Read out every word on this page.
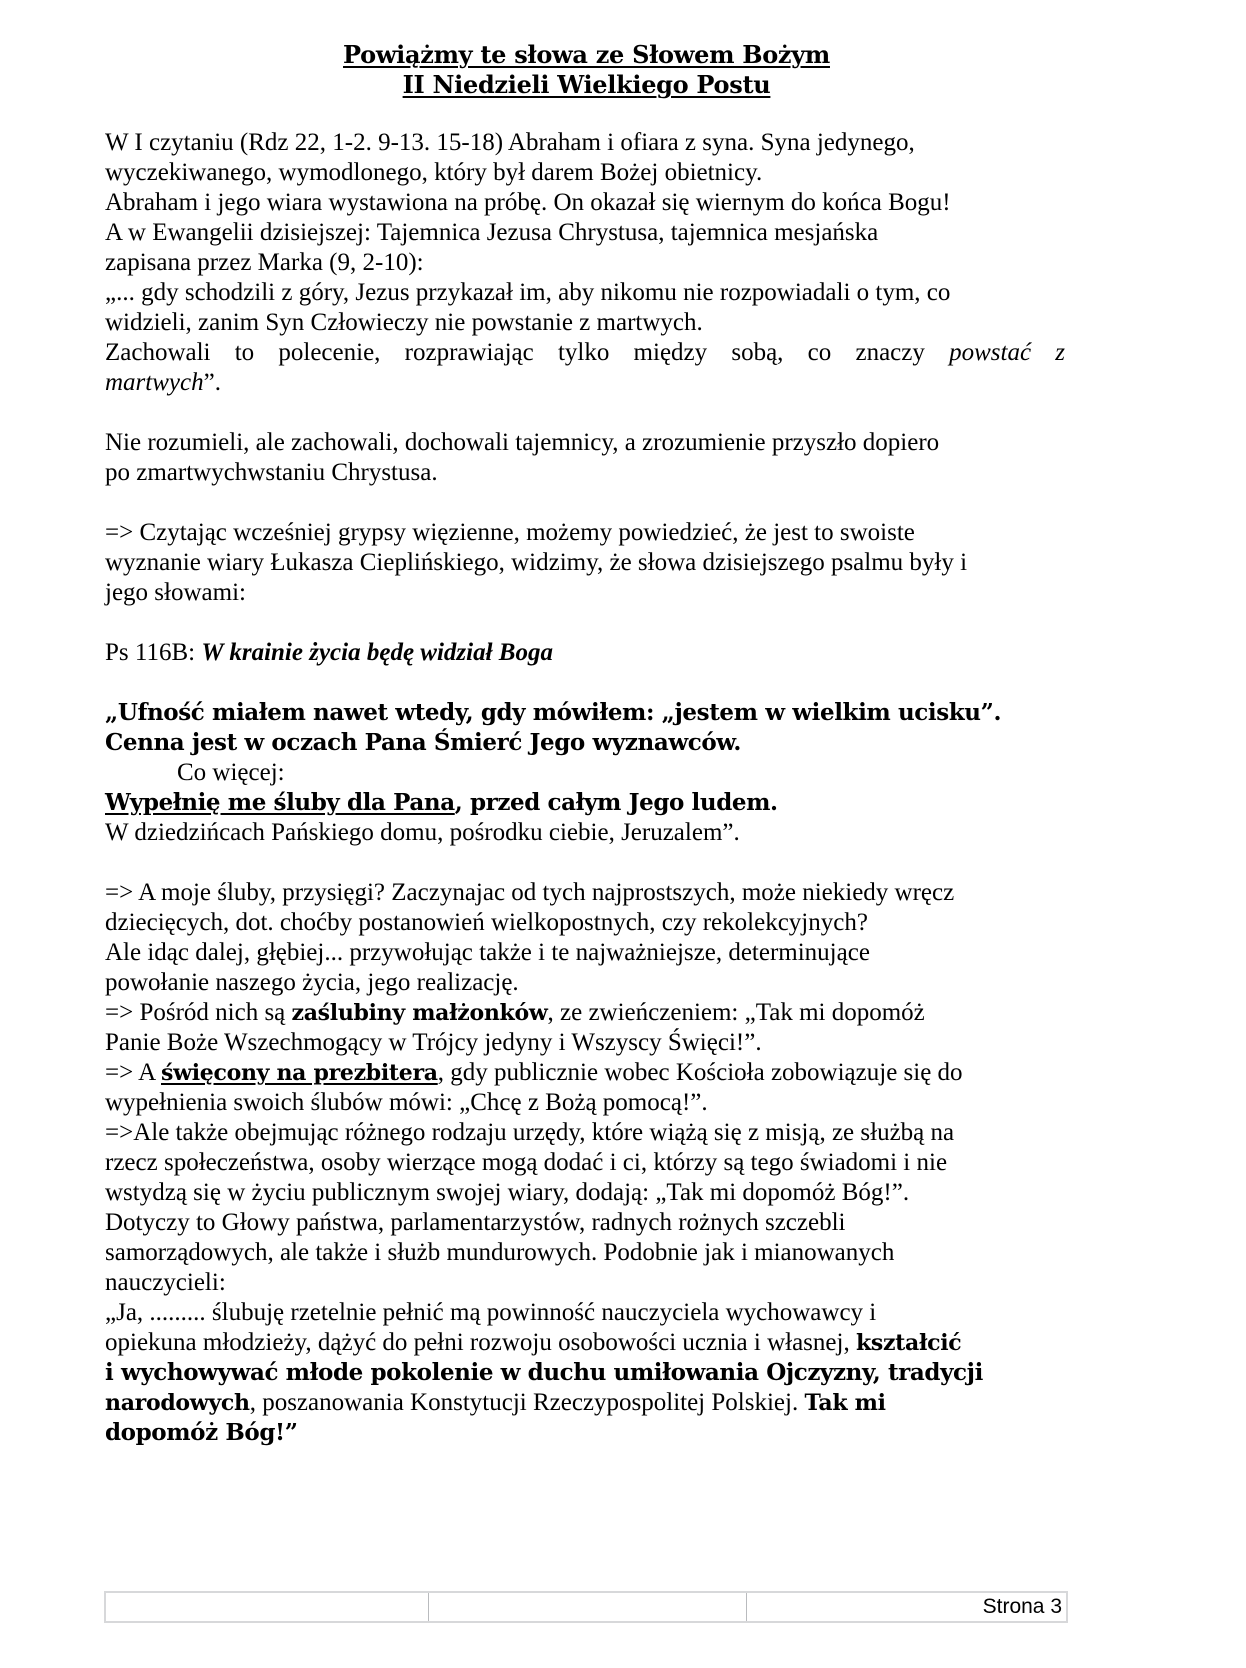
Powiążmy te słowa ze Słowem Bożym
II Niedzieli Wielkiego Postu
W I czytaniu (Rdz 22, 1-2. 9-13. 15-18) Abraham i ofiara z syna. Syna jedynego,
wyczekiwanego, wymodlonego, który był darem Bożej obietnicy.
Abraham i jego wiara wystawiona na próbę. On okazał się wiernym do końca Bogu!
A w Ewangelii dzisiejszej: Tajemnica Jezusa Chrystusa, tajemnica mesjańska
zapisana przez Marka (9, 2-10):
„... gdy schodzili z góry, Jezus przykazał im, aby nikomu nie rozpowiadali o tym, co
widzieli, zanim Syn Człowieczy nie powstanie z martwych.
Zachowali to polecenie, rozprawiając tylko między sobą, co znaczy powstać z
martwych”.
Nie rozumieli, ale zachowali, dochowali tajemnicy, a zrozumienie przyszło dopiero
po zmartwychwstaniu Chrystusa.
=> Czytając wcześniej grypsy więzienne, możemy powiedzieć, że jest to swoiste
wyznanie wiary Łukasza Cieplińskiego, widzimy, że słowa dzisiejszego psalmu były i
jego słowami:
Ps 116B: W krainie życia będę widział Boga
„Ufność miałem nawet wtedy, gdy mówiłem: „jestem w wielkim ucisku”.
Cenna jest w oczach Pana Śmierć Jego wyznawców.
Co więcej:
Wypełnię me śluby dla Pana, przed całym Jego ludem.
W dziedzińcach Pańskiego domu, pośrodku ciebie, Jeruzalem”.
=> A moje śluby, przysięgi? Zaczynajac od tych najprostszych, może niekiedy wręcz
dziecięcych, dot. choćby postanowień wielkopostnych, czy rekolekcyjnych?
Ale idąc dalej, głębiej... przywołując także i te najważniejsze, determinujące
powołanie naszego życia, jego realizację.
=> Pośród nich są zaślubiny małżonków, ze zwieńczeniem: „Tak mi dopomóż
Panie Boże Wszechmogący w Trójcy jedyny i Wszyscy Święci!”.
=> A święcony na prezbitera, gdy publicznie wobec Kościoła zobowiązuje się do
wypełnienia swoich ślubów mówi: „Chcę z Bożą pomocą!”.
=>Ale także obejmując różnego rodzaju urzędy, które wiążą się z misją, ze służbą na
rzecz społeczeństwa, osoby wierzące mogą dodać i ci, którzy są tego świadomi i nie
wstydzą się w życiu publicznym swojej wiary, dodają: „Tak mi dopomóż Bóg!”.
Dotyczy to Głowy państwa, parlamentarzystów, radnych rożnych szczebli
samorządowych, ale także i służb mundurowych. Podobnie jak i mianowanych
nauczycieli:
„Ja, ......... ślubuję rzetelnie pełnić mą powinność nauczyciela wychowawcy i
opiekuna młodzieży, dążyć do pełni rozwoju osobowości ucznia i własnej, kształcić
i wychowywać młode pokolenie w duchu umiłowania Ojczyzny, tradycji
narodowych, poszanowania Konstytucji Rzeczypospolitej Polskiej. Tak mi
dopomóż Bóg!”
Strona 3
